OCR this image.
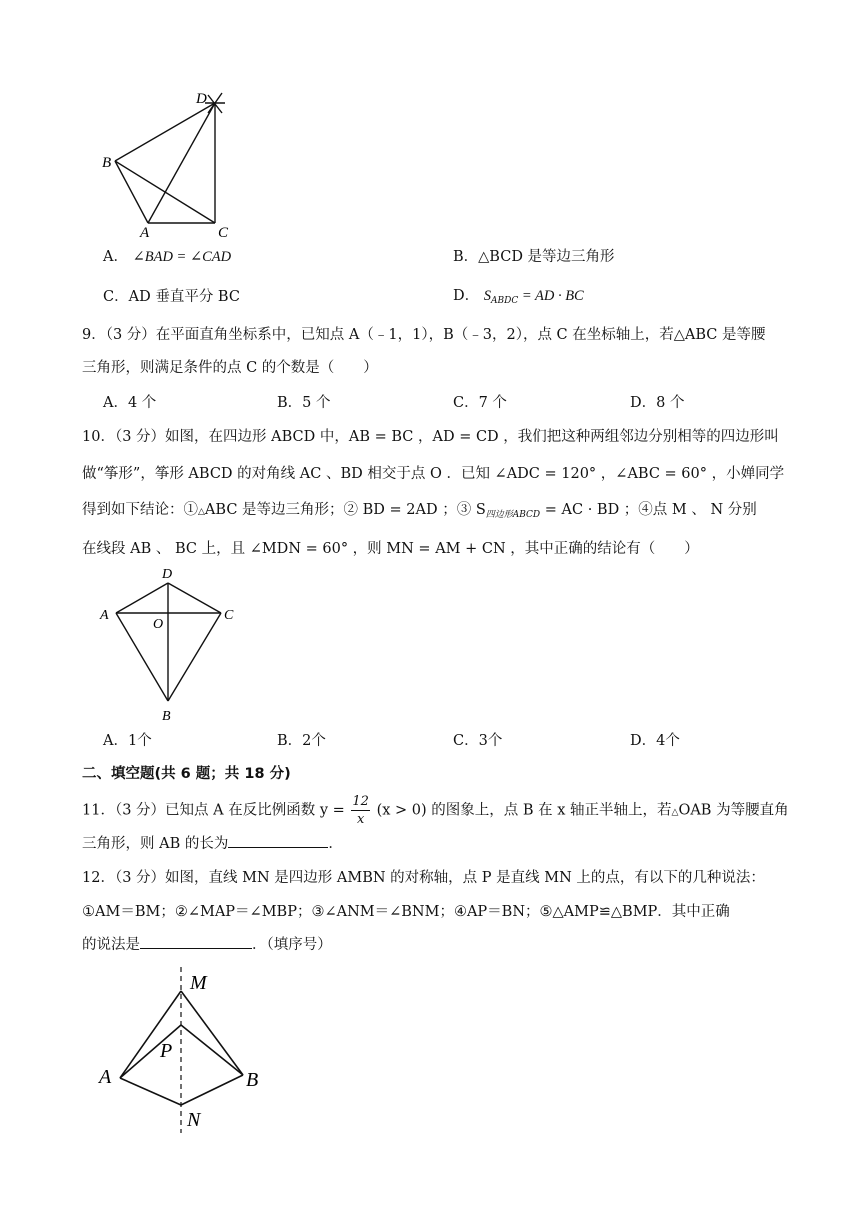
D
B
A	C
A． ∠BAD = ∠CAD	B．△BCD 是等边三角形
C．AD 垂直平分 BC	D． $S_{ABDC}$ = AD · BC
9．（3 分）在平面直角坐标系中，已知点 A（﹣1，1），B（﹣3，2），点 C 在坐标轴上，若△ABC 是等腰
三角形，则满足条件的点 C 的个数是（　　）
A．4 个	B．5 个	C．7 个	D．8 个
10．（3 分）如图，在四边形 ABCD 中，AB = BC ，AD = CD ，我们把这种两组邻边分别相等的四边形叫
做“筝形”，筝形 ABCD 的对角线 AC 、BD 相交于点 O ．已知 ∠ADC = 120° ，∠ABC = 60° ，小婵同学
得到如下结论：①△ABC 是等边三角形；② BD = 2AD ；③ $S_{四边形ABCD}$ = AC · BD ；④点 M 、 N 分别
在线段 AB 、 BC 上，且 ∠MDN = 60° ，则 MN = AM + CN ，其中正确的结论有（　　）
D
A
O
C
B
A．1个	B．2个	C．3个	D．4个
二、填空题(共 6 题；共 18 分)
11．（3 分）已知点 A 在反比例函数 $y = \frac{12}{x} (x > 0)$ 的图象上，点 B 在 x 轴正半轴上，若△OAB 为等腰直角
三角形，则 AB 的长为	．
12．（3 分）如图，直线 MN 是四边形 AMBN 的对称轴，点 P 是直线 MN 上的点，有以下的几种说法：
①AM＝BM；②∠MAP＝∠MBP；③∠ANM＝∠BNM；④AP＝BN；⑤△AMP≌△BMP．其中正确
的说法是	．（填序号）
M
P
A	B
N
